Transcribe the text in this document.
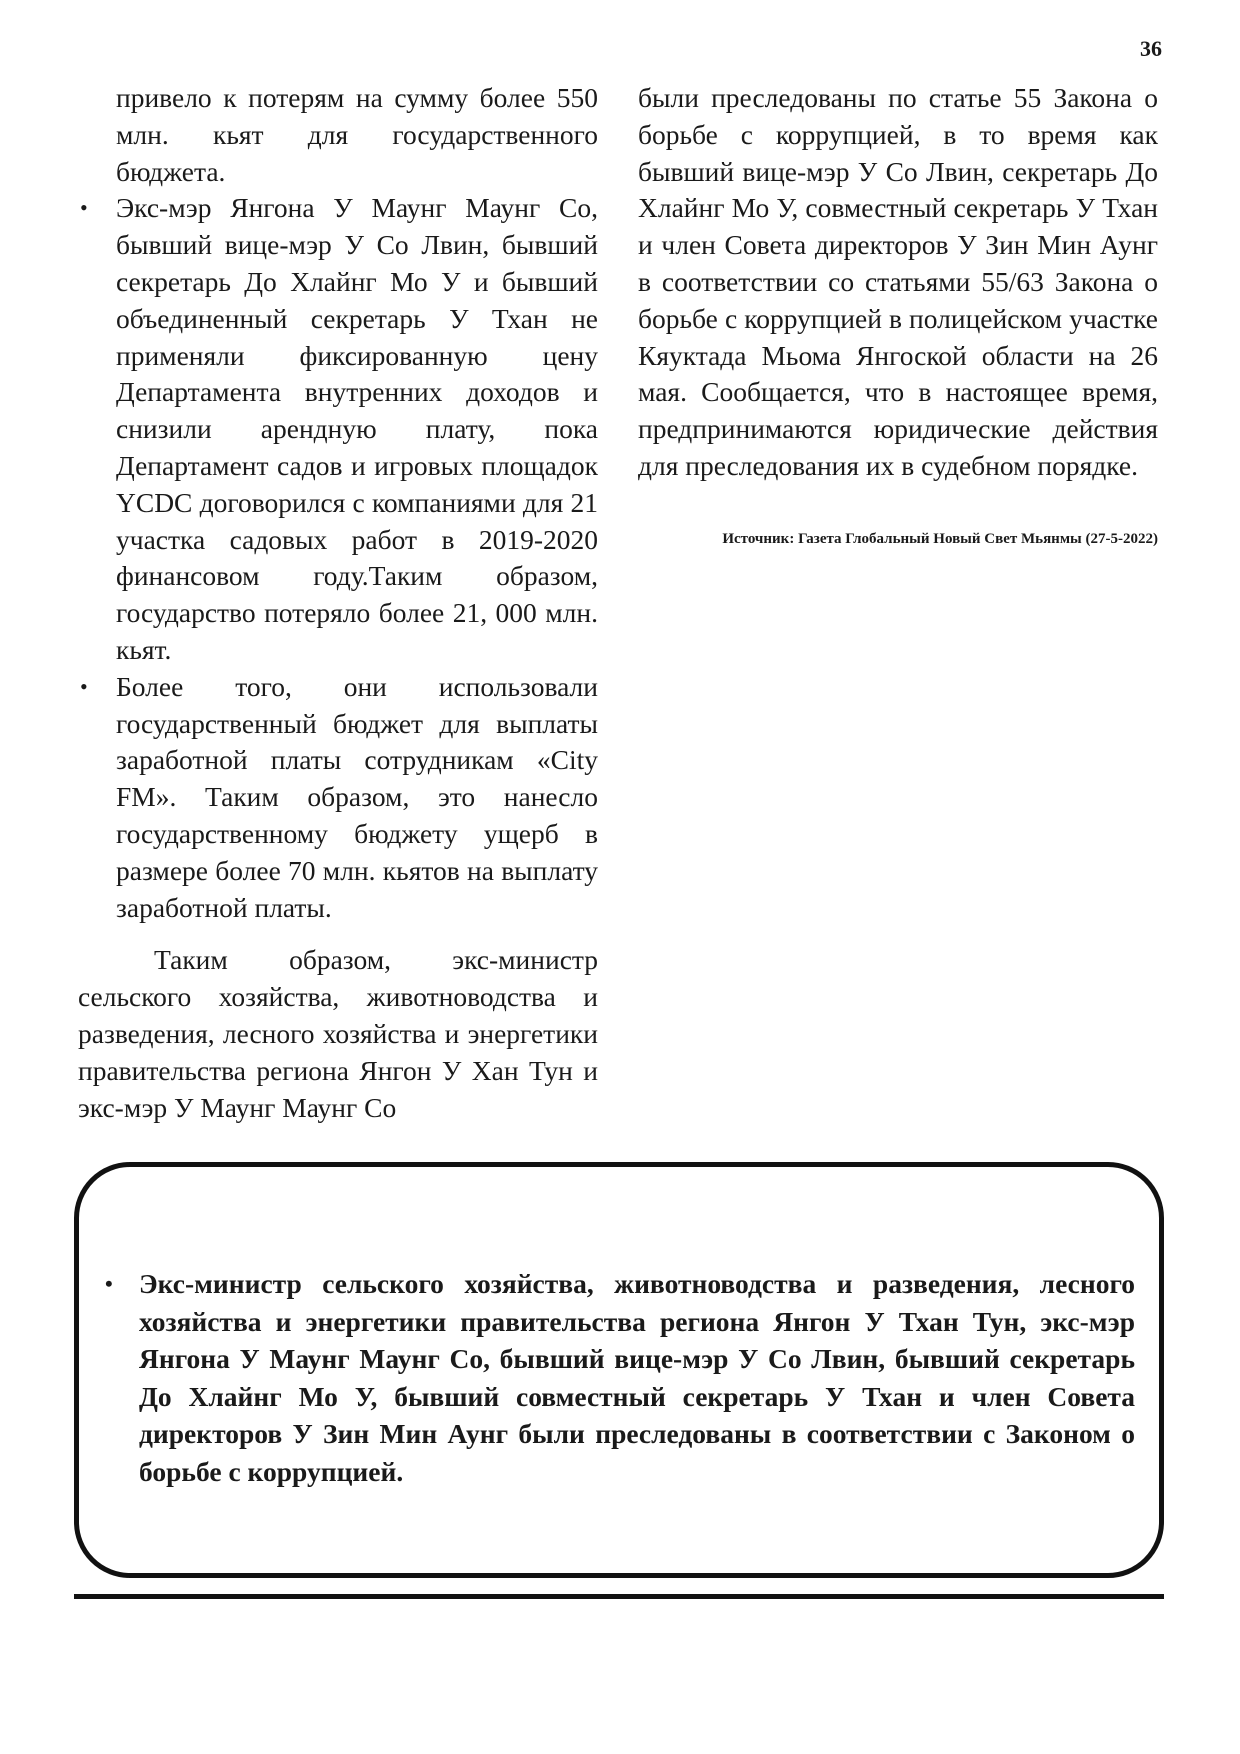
36

привело к потерям на сумму более 550 млн. кьят для государственного бюджета.

• Экс-мэр Янгона У Маунг Маунг Со, бывший вице-мэр У Со Лвин, бывший секретарь До Хлайнг Мо У и бывший объединенный секретарь У Тхан не применяли фиксированную цену Департамента внутренних доходов и снизили арендную плату, пока Департамент садов и игровых площадок YCDC договорился с компаниями для 21 участка садовых работ в 2019-2020 финансовом году.Таким образом, государство потеряло более 21, 000 млн. кьят.
• Более того, они использовали государственный бюджет для выплаты заработной платы сотрудникам «City FM». Таким образом, это нанесло государственному бюджету ущерб в размере более 70 млн. кьятов на выплату заработной платы.

Таким образом, экс-министр сельского хозяйства, животноводства и разведения, лесного хозяйства и энергетики правительства региона Янгон У Хан Тун и экс-мэр У Маунг Маунг Со

были преследованы по статье 55 Закона о борьбе с коррупцией, в то время как бывший вице-мэр У Со Лвин, секретарь До Хлайнг Мо У, совместный секретарь У Тхан и член Совета директоров У Зин Мин Аунг в соответствии со статьями 55/63 Закона о борьбе с коррупцией в полицейском участке Кяуктада Мьома Янгоской области на 26 мая. Сообщается, что в настоящее время, предпринимаются юридические действия для преследования их в судебном порядке.

Источник: Газета Глобальный Новый Свет Мьянмы (27-5-2022)

• Экс-министр сельского хозяйства, животноводства и разведения, лесного хозяйства и энергетики правительства региона Янгон У Тхан Тун, экс-мэр Янгона У Маунг Маунг Со, бывший вице-мэр У Со Лвин, бывший секретарь До Хлайнг Мо У, бывший совместный секретарь У Тхан и член Совета директоров У Зин Мин Аунг были преследованы в соответствии с Законом о борьбе с коррупцией.
